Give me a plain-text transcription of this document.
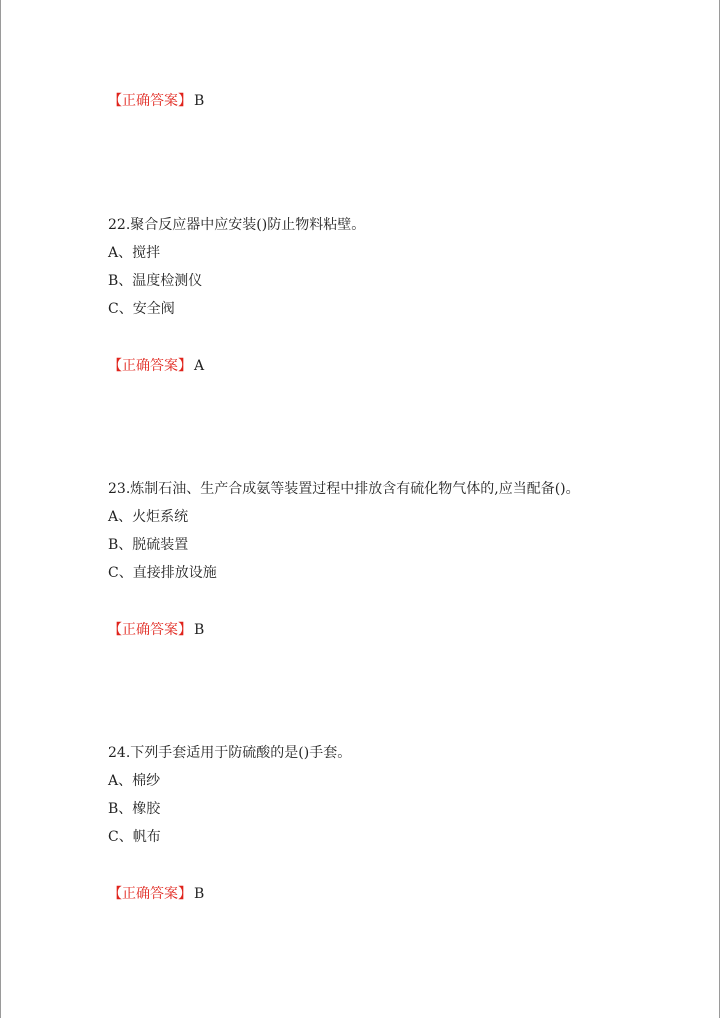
【正确答案】 B
22.聚合反应器中应安装()防止物料粘壁。
A、搅拌
B、温度检测仪
C、安全阀
【正确答案】 A
23.炼制石油、生产合成氨等装置过程中排放含有硫化物气体的,应当配备()。
A、火炬系统
B、脱硫装置
C、直接排放设施
【正确答案】 B
24.下列手套适用于防硫酸的是()手套。
A、棉纱
B、橡胶
C、帆布
【正确答案】 B
